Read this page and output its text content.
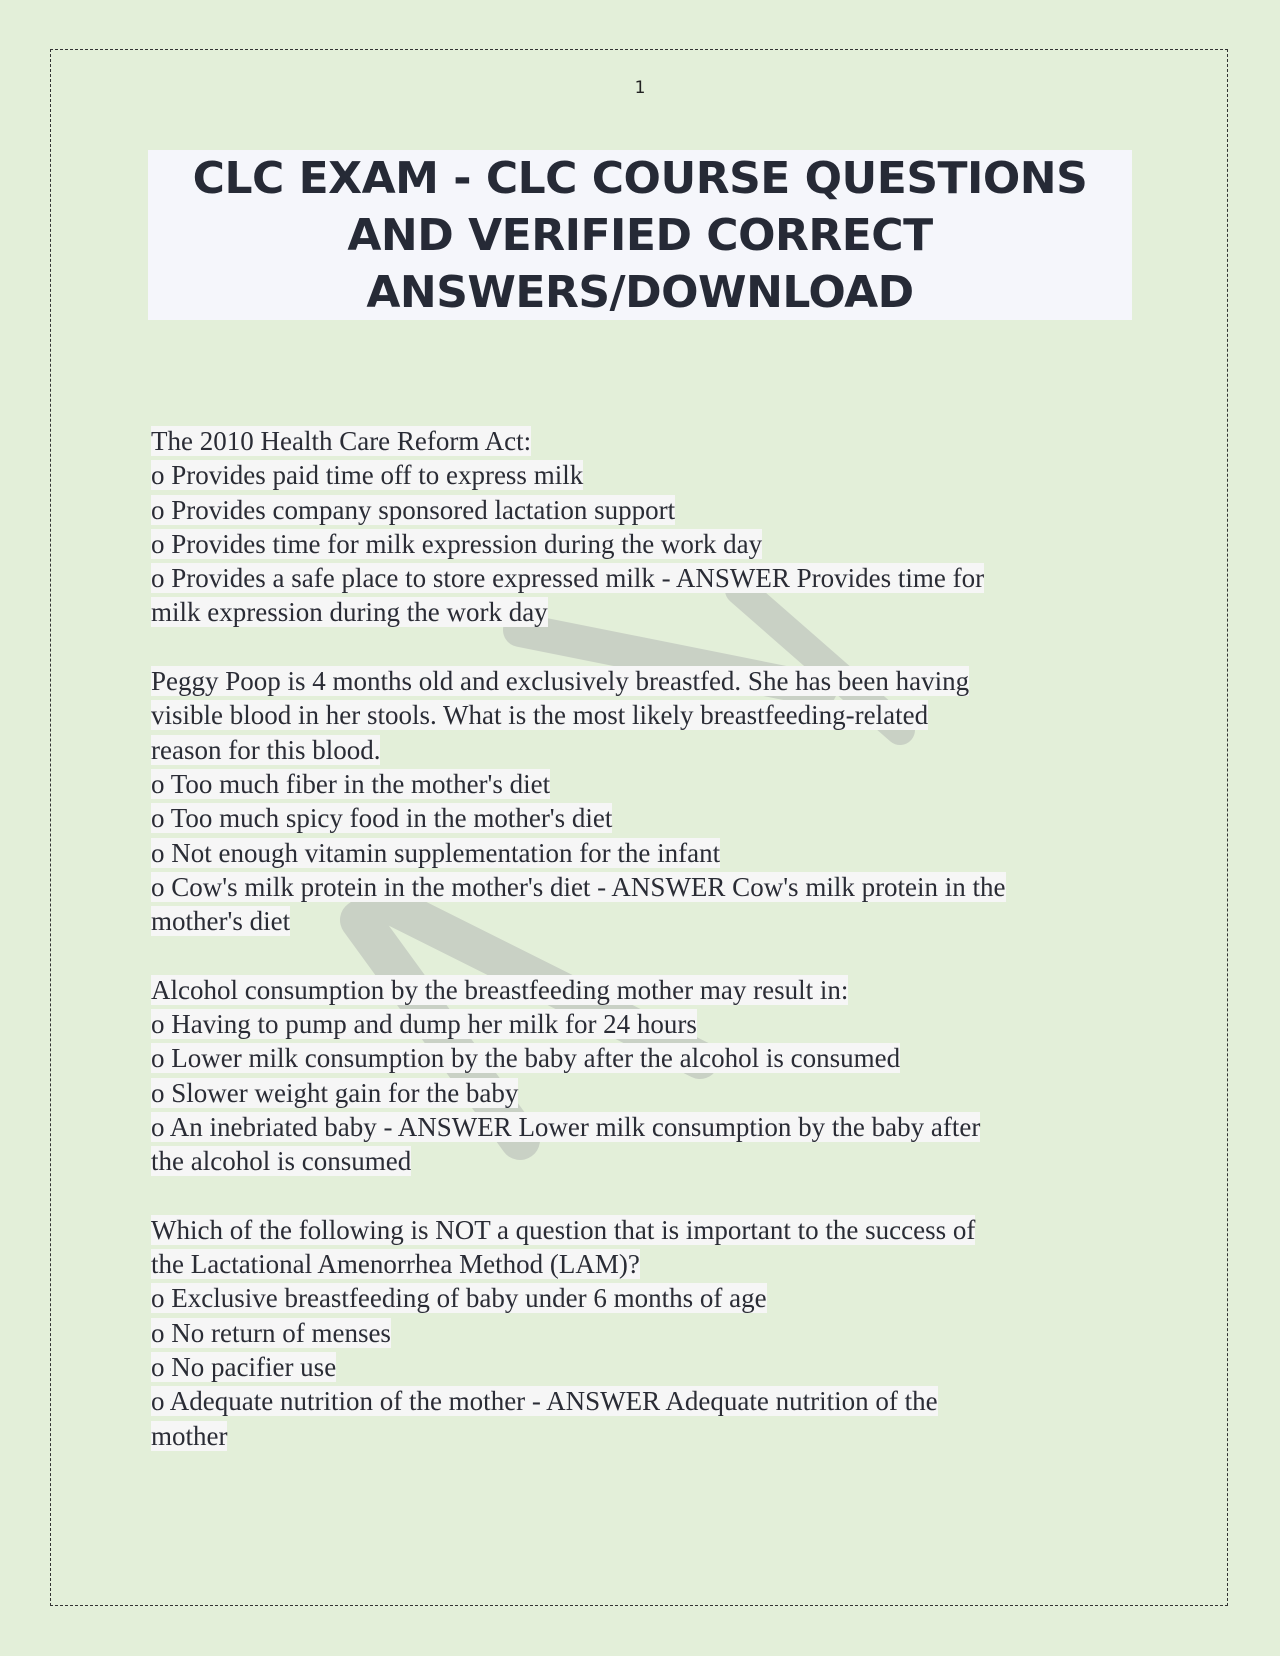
1
CLC EXAM - CLC COURSE QUESTIONS AND VERIFIED CORRECT ANSWERS/DOWNLOAD
The 2010 Health Care Reform Act:
o Provides paid time off to express milk
o Provides company sponsored lactation support
o Provides time for milk expression during the work day
o Provides a safe place to store expressed milk - ANSWER Provides time for
milk expression during the work day
Peggy Poop is 4 months old and exclusively breastfed. She has been having
visible blood in her stools. What is the most likely breastfeeding-related
reason for this blood.
o Too much fiber in the mother's diet
o Too much spicy food in the mother's diet
o Not enough vitamin supplementation for the infant
o Cow's milk protein in the mother's diet - ANSWER Cow's milk protein in the
mother's diet
Alcohol consumption by the breastfeeding mother may result in:
o Having to pump and dump her milk for 24 hours
o Lower milk consumption by the baby after the alcohol is consumed
o Slower weight gain for the baby
o An inebriated baby - ANSWER Lower milk consumption by the baby after
the alcohol is consumed
Which of the following is NOT a question that is important to the success of
the Lactational Amenorrhea Method (LAM)?
o Exclusive breastfeeding of baby under 6 months of age
o No return of menses
o No pacifier use
o Adequate nutrition of the mother - ANSWER Adequate nutrition of the
mother
